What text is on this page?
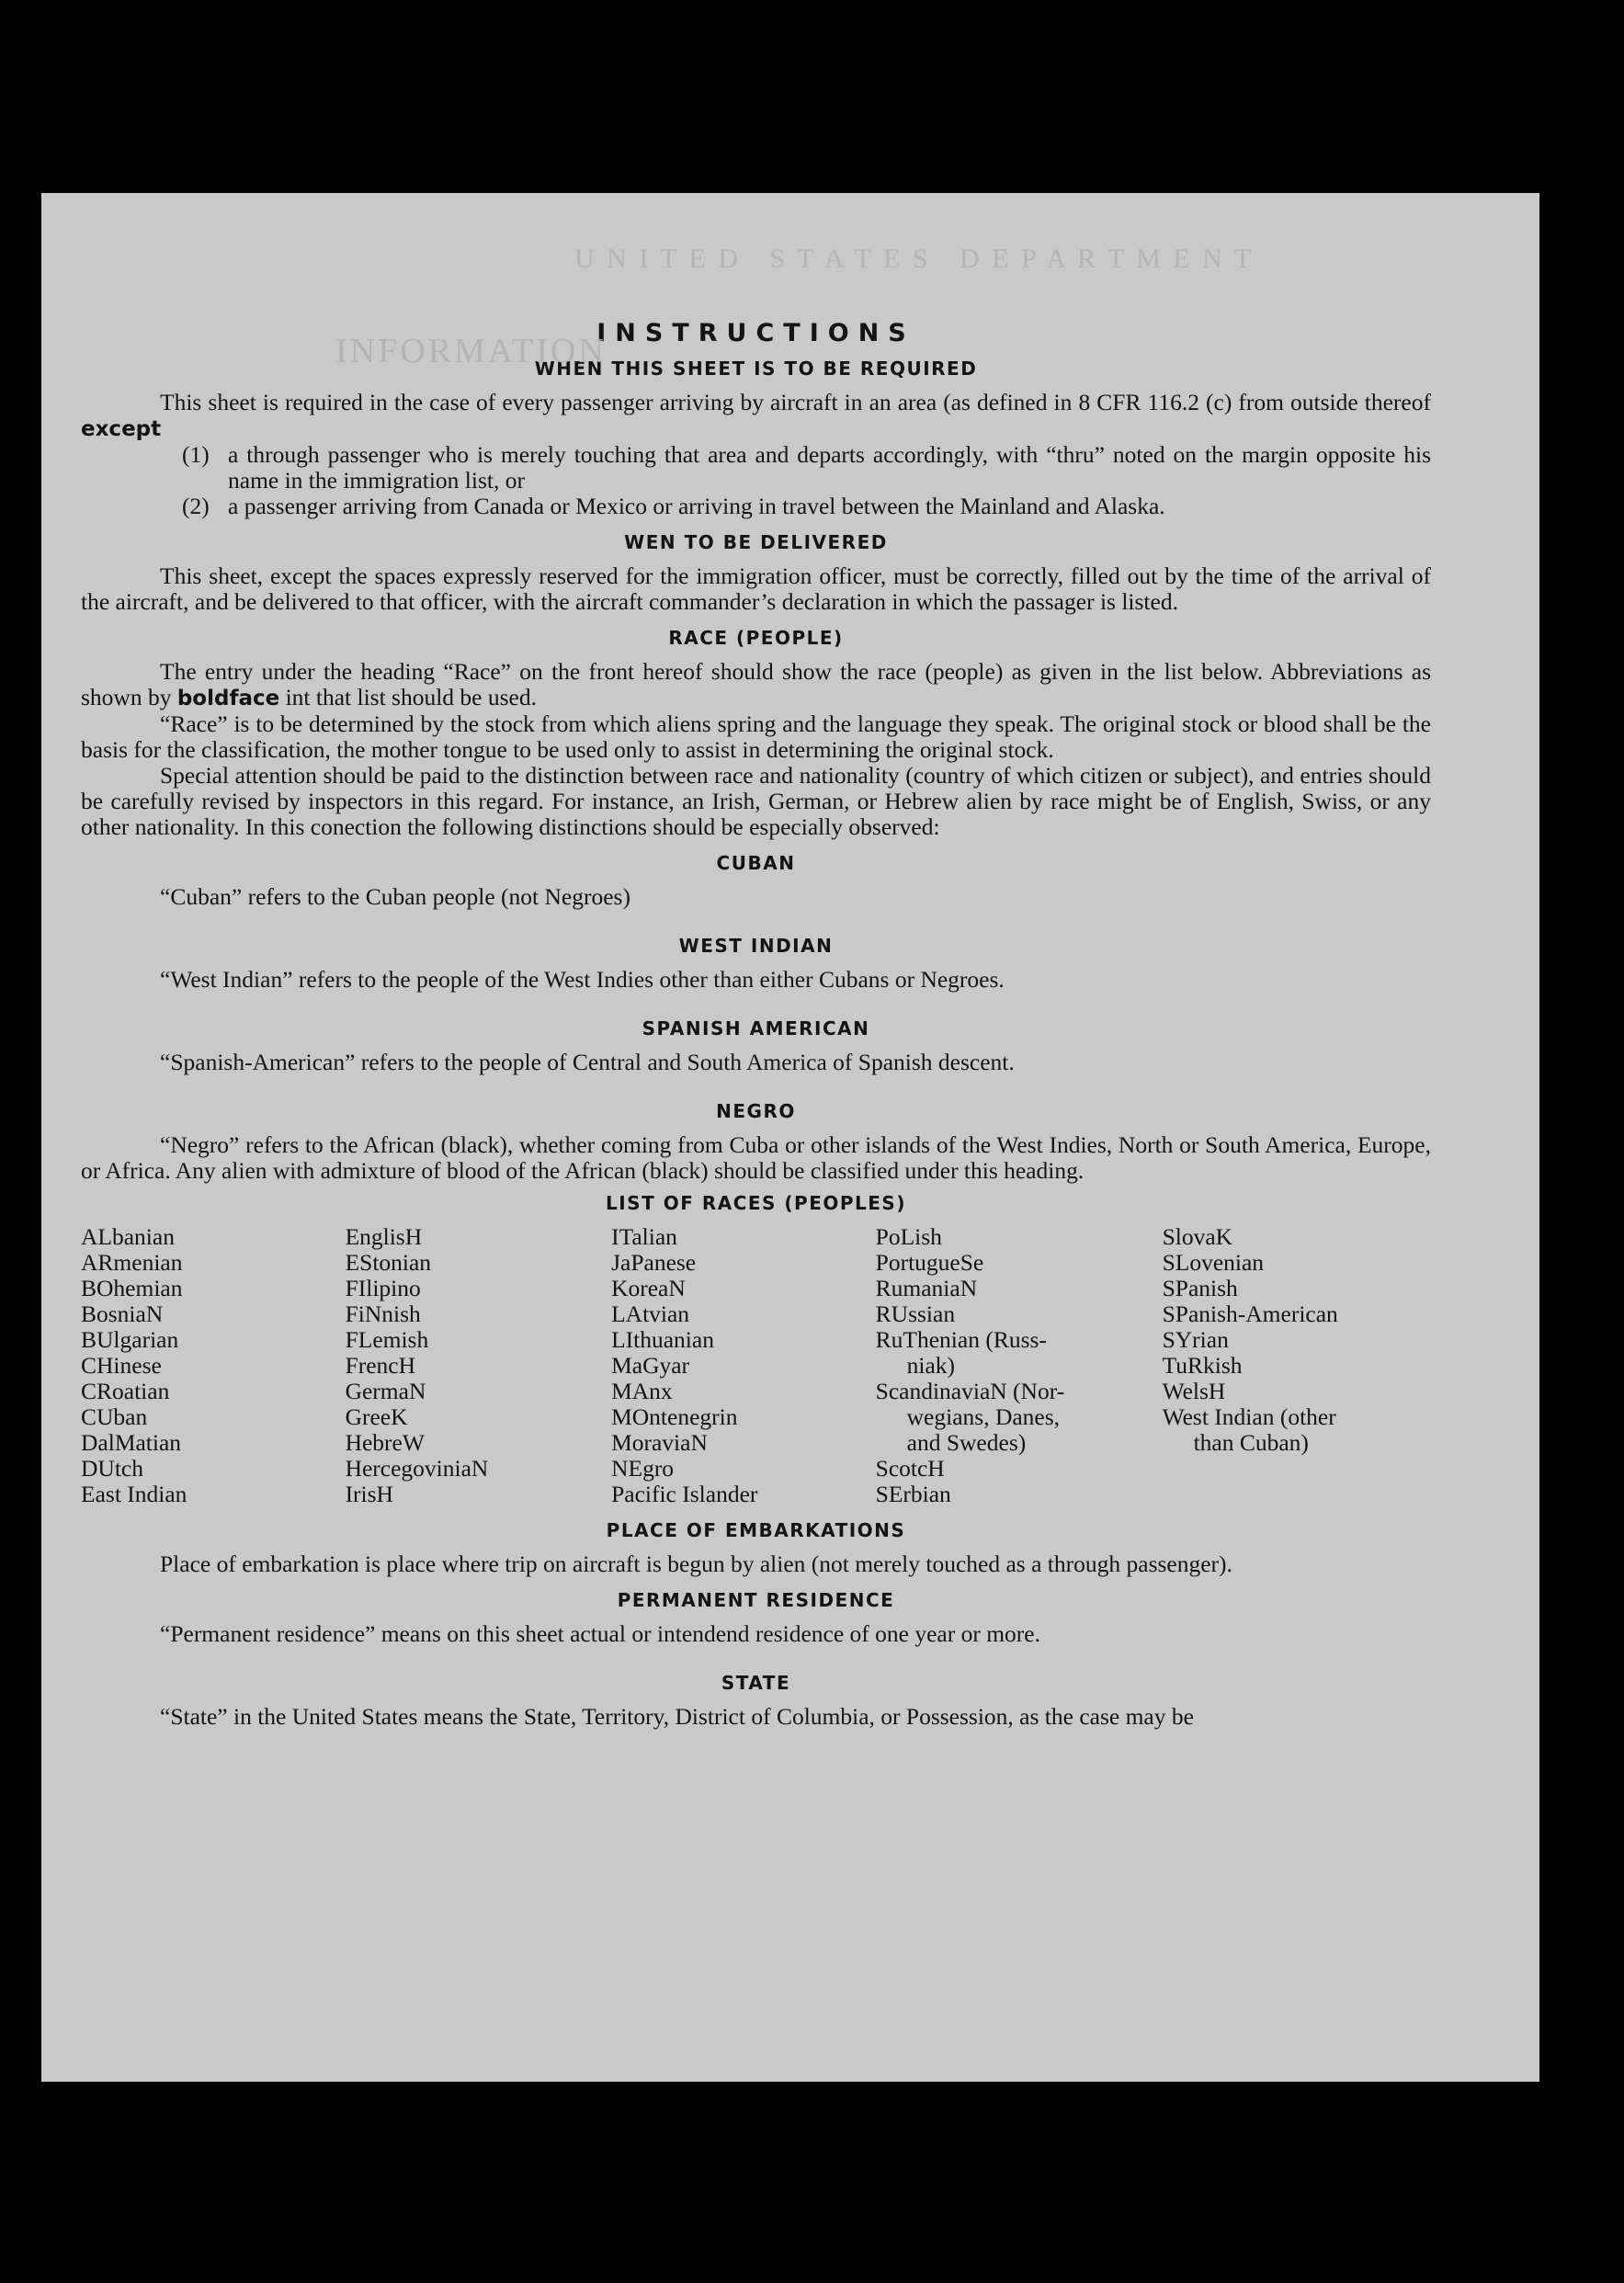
U N I T E D   S T A T E S   D E P A R T M E N T
INFORMATION
INSTRUCTIONS
WHEN THIS SHEET IS TO BE REQUIRED

This sheet is required in the case of every passenger arriving by aircraft in an area (as defined in 8 CFR 116.2 (c) from outside thereof except

(1) a through passenger who is merely touching that area and departs accordingly, with “thru” noted on the margin opposite his name in the immigration list, or
(2) a passenger arriving from Canada or Mexico or arriving in travel between the Mainland and Alaska.
WEN TO BE DELIVERED

This sheet, except the spaces expressly reserved for the immigration officer, must be correctly, filled out by the time of the arrival of the aircraft, and be delivered to that officer, with the aircraft commander’s declaration in which the passager is listed.

RACE (PEOPLE)

The entry under the heading “Race” on the front hereof should show the race (people) as given in the list below. Abbreviations as shown by boldface int that list should be used.

“Race” is to be determined by the stock from which aliens spring and the language they speak. The original stock or blood shall be the basis for the classification, the mother tongue to be used only to assist in determining the original stock.

Special attention should be paid to the distinction between race and nationality (country of which citizen or subject), and entries should be carefully revised by inspectors in this regard. For instance, an Irish, German, or Hebrew alien by race might be of English, Swiss, or any other nationality. In this conection the following distinctions should be especially observed:

CUBAN
“Cuban” refers to the Cuban people (not Negroes)
WEST INDIAN
“West Indian” refers to the people of the West Indies other than either Cubans or Negroes.
SPANISH AMERICAN
“Spanish-American” refers to the people of Central and South America of Spanish descent.
NEGRO

“Negro” refers to the African (black), whether coming from Cuba or other islands of the West Indies, North or South America, Europe, or Africa. Any alien with admixture of blood of the African (black) should be classified under this heading.

LIST OF RACES (PEOPLES)
ALbanian
ARmenian
BOhemian
BosniaN
BUlgarian
CHinese
CRoatian
CUban
DalMatian
DUtch
East Indian
EnglisH
EStonian
FIlipino
FiNnish
FLemish
FrencH
GermaN
GreeK
HebreW
HercegoviniaN
IrisH
ITalian
JaPanese
KoreaN
LAtvian
LIthuanian
MaGyar
MAnx
MOntenegrin
MoraviaN
NEgro
Pacific Islander
PoLish
PortugueSe
RumaniaN
RUssian
RuThenian (Russ-
niak)
ScandinaviaN (Nor-
wegians, Danes,
and Swedes)
ScotcH
SErbian
SlovaK
SLovenian
SPanish
SPanish-American
SYrian
TuRkish
WelsH
West Indian (other
than Cuban)
PLACE OF EMBARKATIONS

Place of embarkation is place where trip on aircraft is begun by alien (not merely touched as a through passenger).

PERMANENT RESIDENCE
“Permanent residence” means on this sheet actual or intendend residence of one year or more.
STATE

“State” in the United States means the State, Territory, District of Columbia, or Possession, as the case may be
